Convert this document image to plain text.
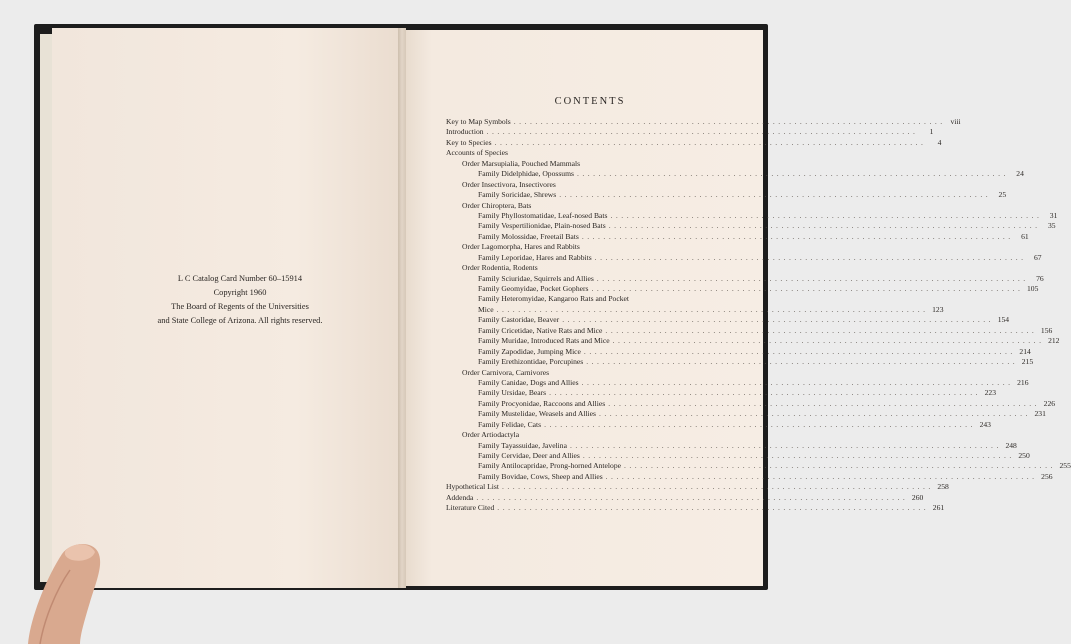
L C Catalog Card Number 60–15914
Copyright 1960
The Board of Regents of the Universities
and State College of Arizona. All rights reserved.
CONTENTS
Key to Map Symbols ................................................................................ viii
Introduction ................................................................................	1
Key to Species ................................................................................	4
Accounts of Species
Order Marsupialia, Pouched Mammals
Family Didelphidae, Opossums ................................................................................ 24
Order Insectivora, Insectivores
Family Soricidae, Shrews ................................................................................ 25
Order Chiroptera, Bats
Family Phyllostomatidae, Leaf-nosed Bats ................................................................................ 31
Family Vespertilionidae, Plain-nosed Bats ................................................................................ 35
Family Molossidae, Freetail Bats ................................................................................ 61
Order Lagomorpha, Hares and Rabbits
Family Leporidae, Hares and Rabbits ................................................................................ 67
Order Rodentia, Rodents
Family Sciuridae, Squirrels and Allies ................................................................................ 76
Family Geomyidae, Pocket Gophers ................................................................................ 105
Family Heteromyidae, Kangaroo Rats and Pocket
Mice ................................................................................ 123
Family Castoridae, Beaver ................................................................................ 154
Family Cricetidae, Native Rats and Mice ................................................................................ 156
Family Muridae, Introduced Rats and Mice ................................................................................ 212
Family Zapodidae, Jumping Mice ................................................................................ 214
Family Erethizontidae, Porcupines ................................................................................ 215
Order Carnivora, Carnivores
Family Canidae, Dogs and Allies ................................................................................ 216
Family Ursidae, Bears ................................................................................ 223
Family Procyonidae, Raccoons and Allies ................................................................................ 226
Family Mustelidae, Weasels and Allies ................................................................................ 231
Family Felidae, Cats ................................................................................ 243
Order Artiodactyla
Family Tayassuidae, Javelina ................................................................................ 248
Family Cervidae, Deer and Allies ................................................................................ 250
Family Antilocapridae, Prong-horned Antelope ................................................................................ 255
Family Bovidae, Cows, Sheep and Allies ................................................................................ 256
Hypothetical List ................................................................................ 258
Addenda ................................................................................ 260
Literature Cited ................................................................................ 261
